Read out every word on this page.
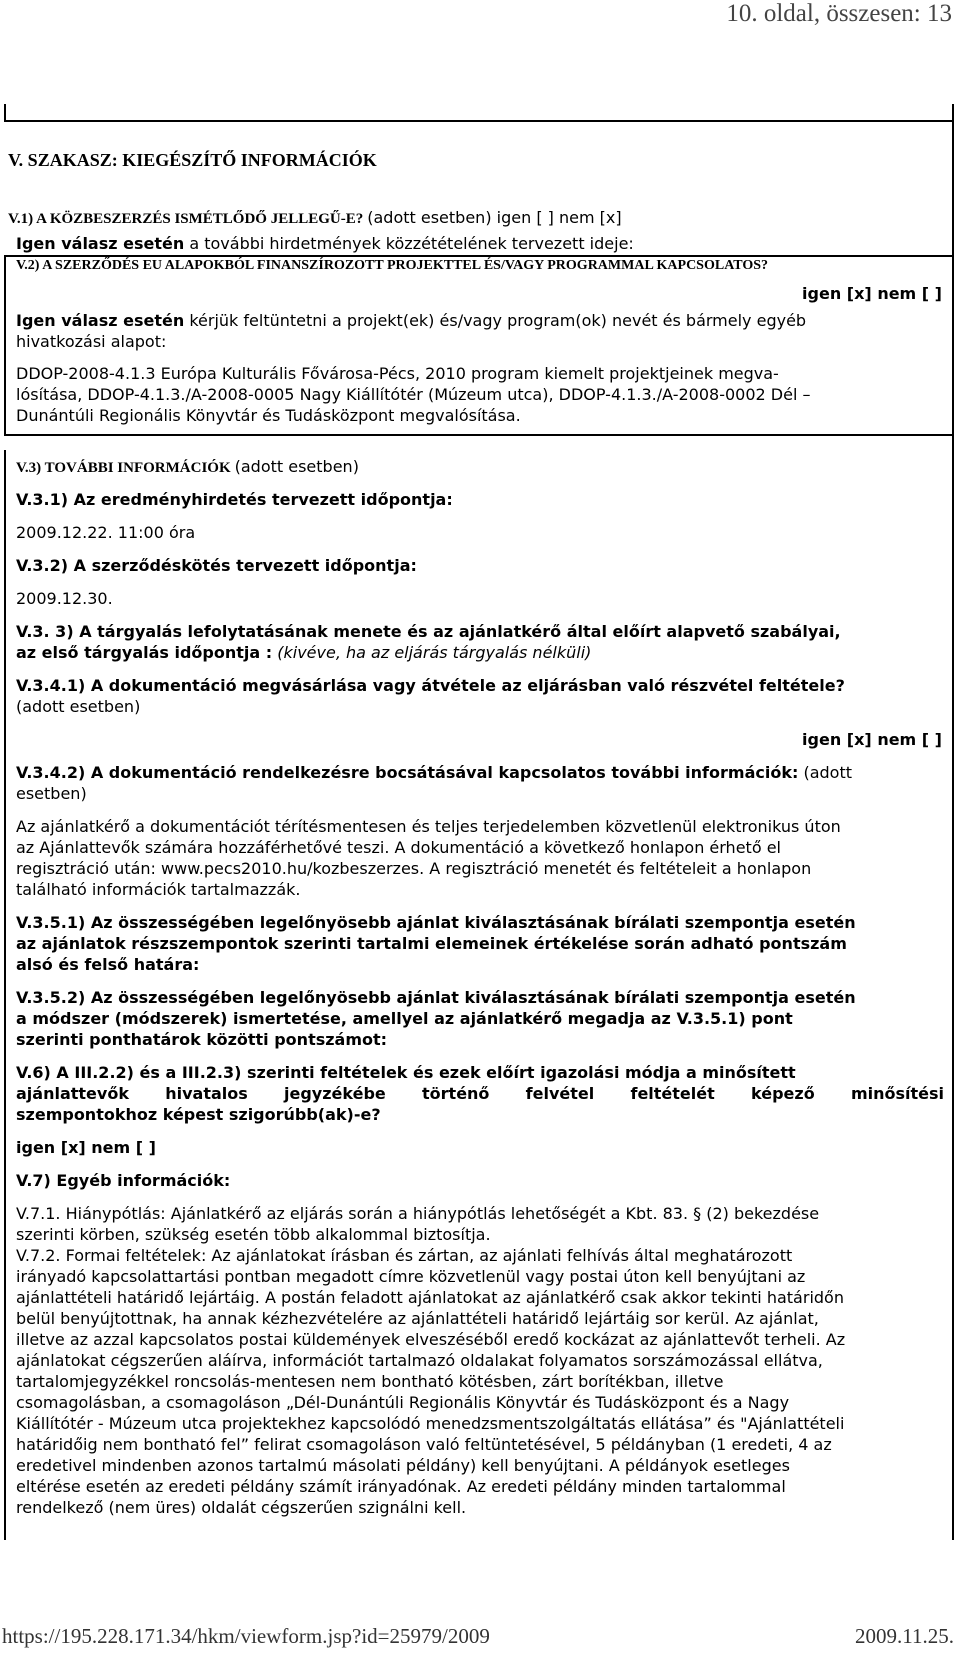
10. oldal, összesen: 13
V. SZAKASZ: KIEGÉSZÍTŐ INFORMÁCIÓK
V.1) A KÖZBESZERZÉS ISMÉTLŐDŐ JELLEGŰ-E? (adott esetben) igen [ ] nem [x]
Igen válasz esetén a további hirdetmények közzétételének tervezett ideje:
V.2) A SZERZŐDÉS EU ALAPOKBÓL FINANSZÍROZOTT PROJEKTTEL ÉS/VAGY PROGRAMMAL KAPCSOLATOS?
igen [x] nem [ ]
Igen válasz esetén kérjük feltüntetni a projekt(ek) és/vagy program(ok) nevét és bármely egyéb
hivatkozási alapot:
DDOP-2008-4.1.3 Európa Kulturális Fővárosa-Pécs, 2010 program kiemelt projektjeinek megva-
lósítása, DDOP-4.1.3./A-2008-0005 Nagy Kiállítótér (Múzeum utca), DDOP-4.1.3./A-2008-0002 Dél –
Dunántúli Regionális Könyvtár és Tudásközpont megvalósítása.
V.3) TOVÁBBI INFORMÁCIÓK (adott esetben)
V.3.1) Az eredményhirdetés tervezett időpontja:
2009.12.22. 11:00 óra
V.3.2) A szerződéskötés tervezett időpontja:
2009.12.30.
V.3. 3) A tárgyalás lefolytatásának menete és az ajánlatkérő által előírt alapvető szabályai,
az első tárgyalás időpontja : (kivéve, ha az eljárás tárgyalás nélküli)
V.3.4.1) A dokumentáció megvásárlása vagy átvétele az eljárásban való részvétel feltétele?
(adott esetben)
igen [x] nem [ ]
V.3.4.2) A dokumentáció rendelkezésre bocsátásával kapcsolatos további információk: (adott
esetben)
Az ajánlatkérő a dokumentációt térítésmentesen és teljes terjedelemben közvetlenül elektronikus úton
az Ajánlattevők számára hozzáférhetővé teszi. A dokumentáció a következő honlapon érhető el
regisztráció után: www.pecs2010.hu/kozbeszerzes. A regisztráció menetét és feltételeit a honlapon
található információk tartalmazzák.
V.3.5.1) Az összességében legelőnyösebb ajánlat kiválasztásának bírálati szempontja esetén
az ajánlatok részszempontok szerinti tartalmi elemeinek értékelése során adható pontszám
alsó és felső határa:
V.3.5.2) Az összességében legelőnyösebb ajánlat kiválasztásának bírálati szempontja esetén
a módszer (módszerek) ismertetése, amellyel az ajánlatkérő megadja az V.3.5.1) pont
szerinti ponthatárok közötti pontszámot:
V.6) A III.2.2) és a III.2.3) szerinti feltételek és ezek előírt igazolási módja a minősített
ajánlattevők hivatalos jegyzékébe történő felvétel feltételét képező minősítési
szempontokhoz képest szigorúbb(ak)-e?
igen [x] nem [ ]
V.7) Egyéb információk:
V.7.1. Hiánypótlás: Ajánlatkérő az eljárás során a hiánypótlás lehetőségét a Kbt. 83. § (2) bekezdése
szerinti körben, szükség esetén több alkalommal biztosítja.
V.7.2. Formai feltételek: Az ajánlatokat írásban és zártan, az ajánlati felhívás által meghatározott
irányadó kapcsolattartási pontban megadott címre közvetlenül vagy postai úton kell benyújtani az
ajánlattételi határidő lejártáig. A postán feladott ajánlatokat az ajánlatkérő csak akkor tekinti határidőn
belül benyújtottnak, ha annak kézhezvételére az ajánlattételi határidő lejártáig sor kerül. Az ajánlat,
illetve az azzal kapcsolatos postai küldemények elveszéséből eredő kockázat az ajánlattevőt terheli. Az
ajánlatokat cégszerűen aláírva, információt tartalmazó oldalakat folyamatos sorszámozással ellátva,
tartalomjegyzékkel roncsolás-mentesen nem bontható kötésben, zárt borítékban, illetve
csomagolásban, a csomagoláson „Dél-Dunántúli Regionális Könyvtár és Tudásközpont és a Nagy
Kiállítótér - Múzeum utca projektekhez kapcsolódó menedzsmentszolgáltatás ellátása” és "Ajánlattételi
határidőig nem bontható fel” felirat csomagoláson való feltüntetésével, 5 példányban (1 eredeti, 4 az
eredetivel mindenben azonos tartalmú másolati példány) kell benyújtani. A példányok esetleges
eltérése esetén az eredeti példány számít irányadónak. Az eredeti példány minden tartalommal
rendelkező (nem üres) oldalát cégszerűen szignálni kell.
https://195.228.171.34/hkm/viewform.jsp?id=25979/2009	2009.11.25.
